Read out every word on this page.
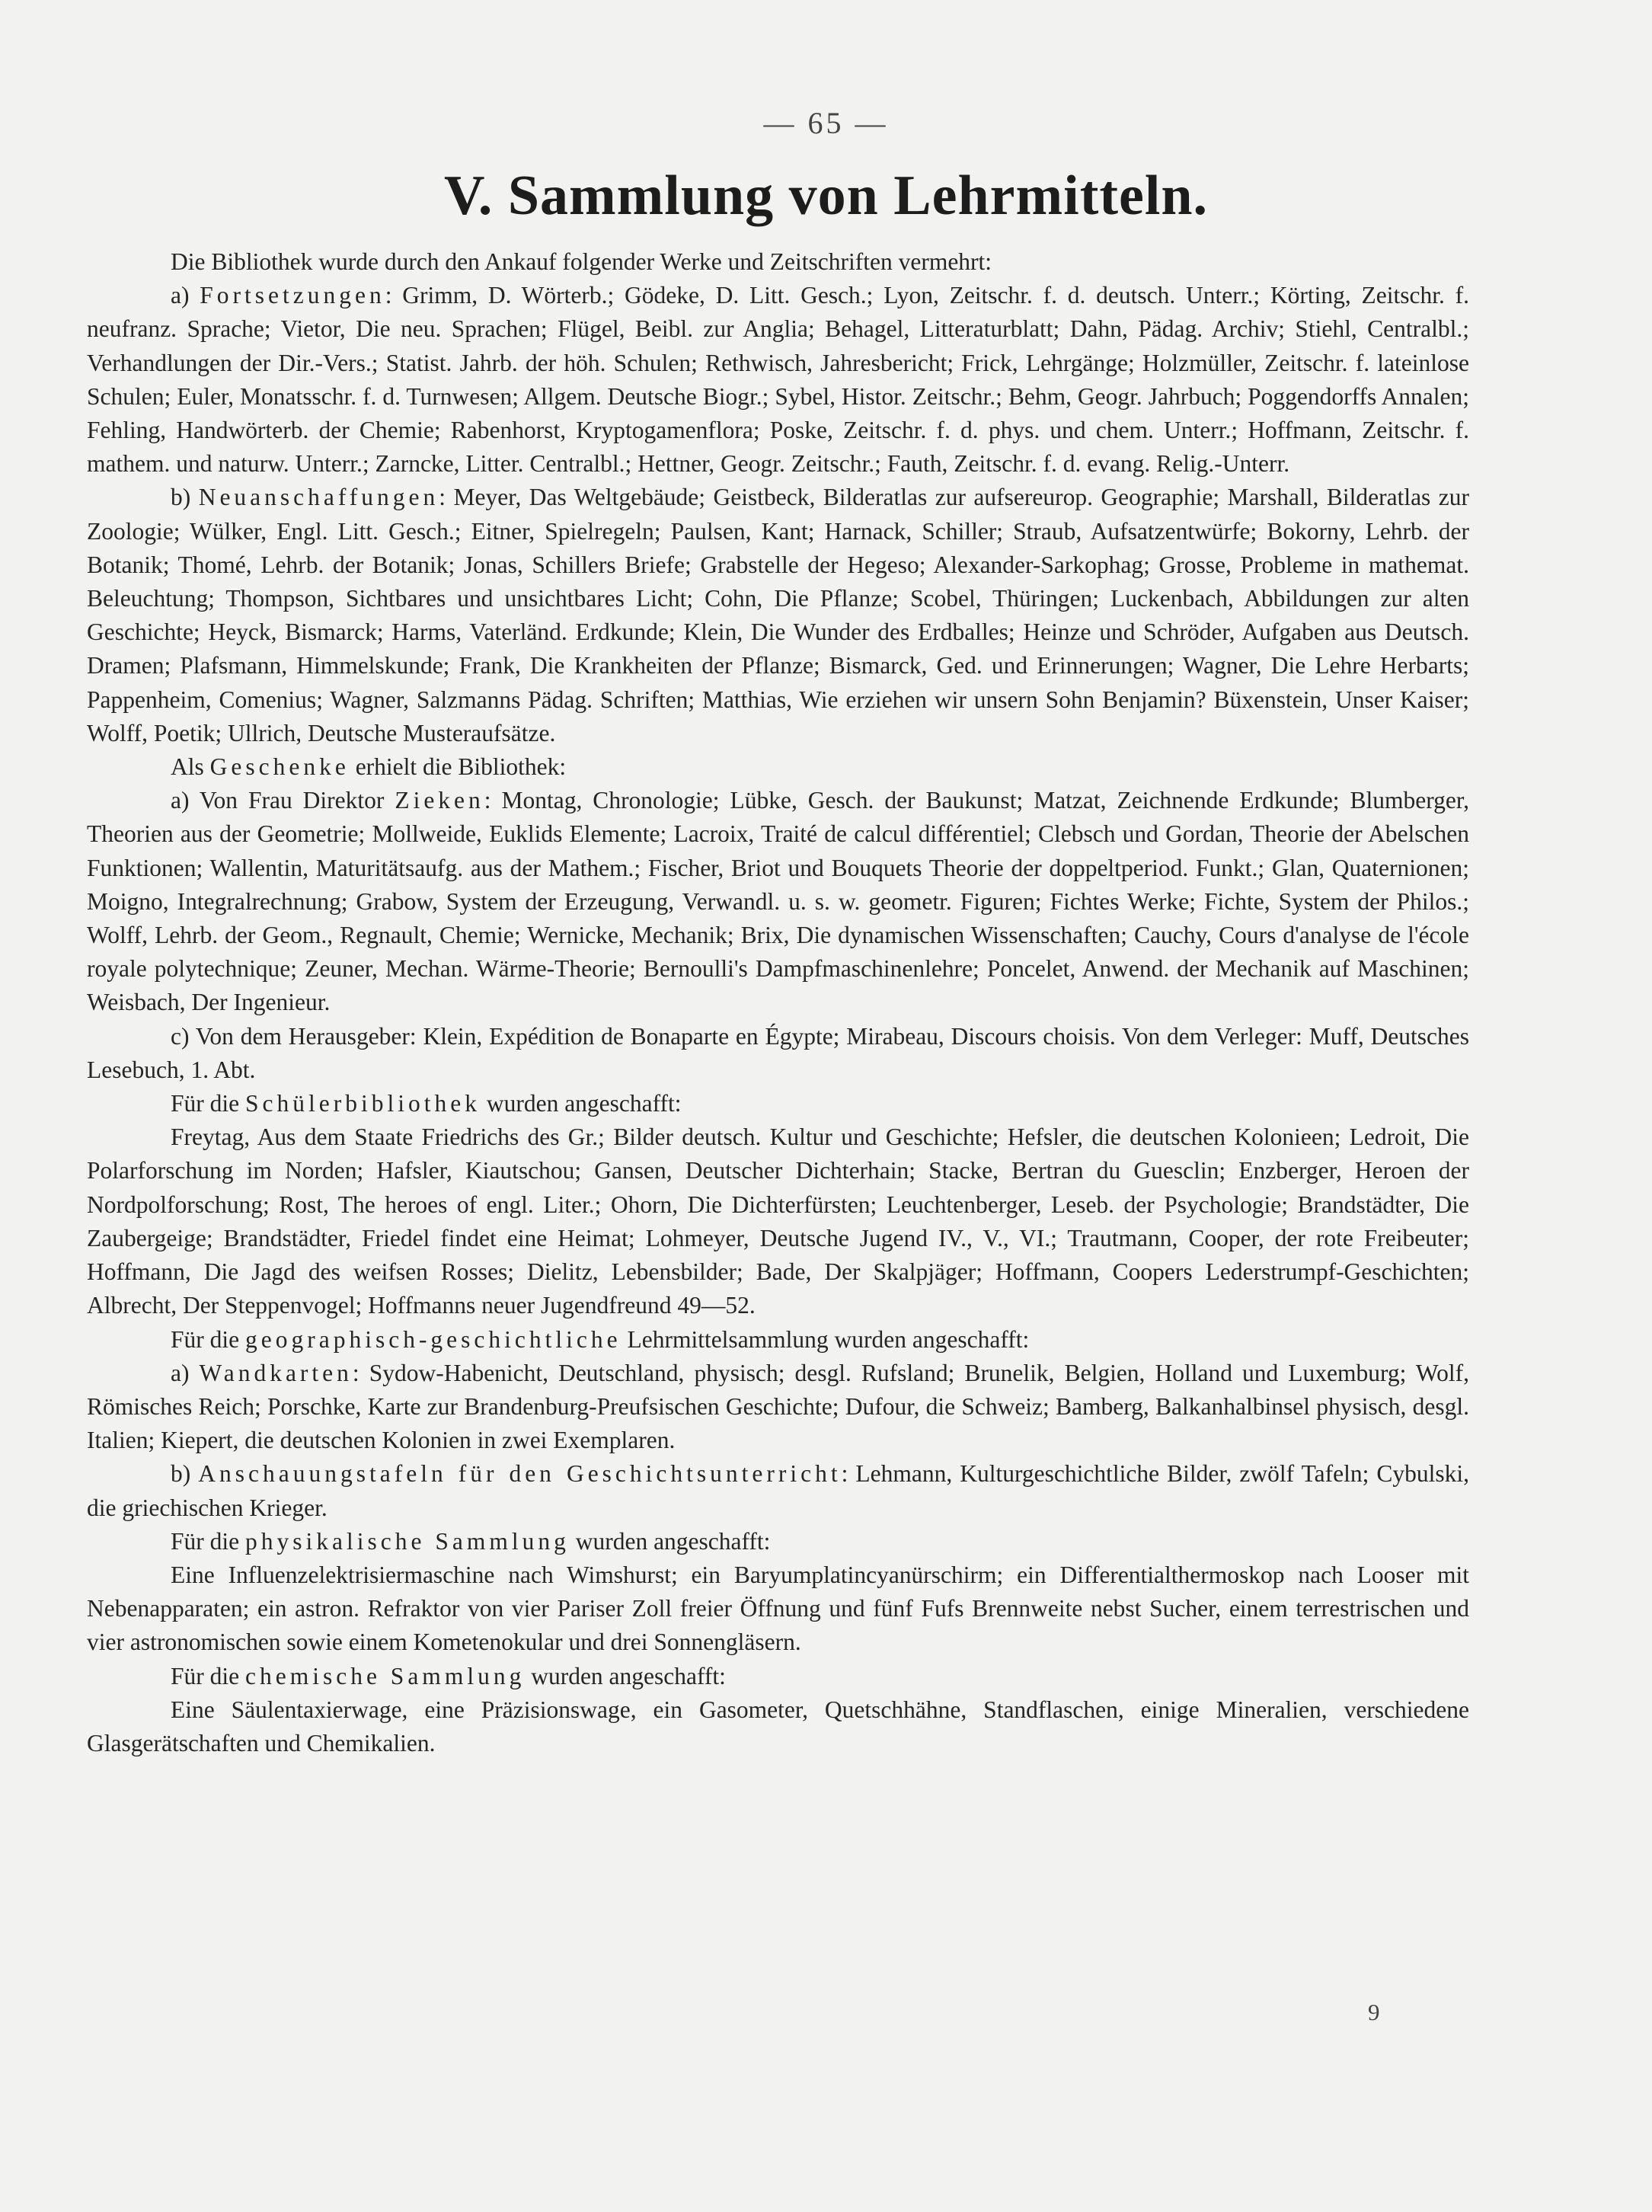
— 65 —
V. Sammlung von Lehrmitteln.

Die Bibliothek wurde durch den Ankauf folgender Werke und Zeitschriften vermehrt:

a) Fortsetzungen: Grimm, D. Wörterb.; Gödeke, D. Litt. Gesch.; Lyon, Zeitschr. f. d. deutsch. Unterr.; Körting, Zeitschr. f. neufranz. Sprache; Vietor, Die neu. Sprachen; Flügel, Beibl. zur Anglia; Behagel, Litteraturblatt; Dahn, Pädag. Archiv; Stiehl, Centralbl.; Verhandlungen der Dir.-Vers.; Statist. Jahrb. der höh. Schulen; Rethwisch, Jahresbericht; Frick, Lehrgänge; Holzmüller, Zeitschr. f. lateinlose Schulen; Euler, Monatsschr. f. d. Turnwesen; Allgem. Deutsche Biogr.; Sybel, Histor. Zeitschr.; Behm, Geogr. Jahrbuch; Poggendorffs Annalen; Fehling, Handwörterb. der Chemie; Rabenhorst, Kryptogamenflora; Poske, Zeitschr. f. d. phys. und chem. Unterr.; Hoffmann, Zeitschr. f. mathem. und naturw. Unterr.; Zarncke, Litter. Centralbl.; Hettner, Geogr. Zeitschr.; Fauth, Zeitschr. f. d. evang. Relig.-Unterr.

b) Neuanschaffungen: Meyer, Das Weltgebäude; Geistbeck, Bilderatlas zur aufsereurop. Geographie; Marshall, Bilderatlas zur Zoologie; Wülker, Engl. Litt. Gesch.; Eitner, Spielregeln; Paulsen, Kant; Harnack, Schiller; Straub, Aufsatzentwürfe; Bokorny, Lehrb. der Botanik; Thomé, Lehrb. der Botanik; Jonas, Schillers Briefe; Grabstelle der Hegeso; Alexander-Sarkophag; Grosse, Probleme in mathemat. Beleuchtung; Thompson, Sichtbares und unsichtbares Licht; Cohn, Die Pflanze; Scobel, Thüringen; Luckenbach, Abbildungen zur alten Geschichte; Heyck, Bismarck; Harms, Vaterländ. Erdkunde; Klein, Die Wunder des Erdballes; Heinze und Schröder, Aufgaben aus Deutsch. Dramen; Plafsmann, Himmelskunde; Frank, Die Krankheiten der Pflanze; Bismarck, Ged. und Erinnerungen; Wagner, Die Lehre Herbarts; Pappenheim, Comenius; Wagner, Salzmanns Pädag. Schriften; Matthias, Wie erziehen wir unsern Sohn Benjamin? Büxenstein, Unser Kaiser; Wolff, Poetik; Ullrich, Deutsche Musteraufsätze.

Als Geschenke erhielt die Bibliothek:

a) Von Frau Direktor Zieken: Montag, Chronologie; Lübke, Gesch. der Baukunst; Matzat, Zeichnende Erdkunde; Blumberger, Theorien aus der Geometrie; Mollweide, Euklids Elemente; Lacroix, Traité de calcul différentiel; Clebsch und Gordan, Theorie der Abelschen Funktionen; Wallentin, Maturitätsaufg. aus der Mathem.; Fischer, Briot und Bouquets Theorie der doppeltperiod. Funkt.; Glan, Quaternionen; Moigno, Integralrechnung; Grabow, System der Erzeugung, Verwandl. u. s. w. geometr. Figuren; Fichtes Werke; Fichte, System der Philos.; Wolff, Lehrb. der Geom., Regnault, Chemie; Wernicke, Mechanik; Brix, Die dynamischen Wissenschaften; Cauchy, Cours d'analyse de l'école royale polytechnique; Zeuner, Mechan. Wärme-Theorie; Bernoulli's Dampfmaschinenlehre; Poncelet, Anwend. der Mechanik auf Maschinen; Weisbach, Der Ingenieur.

c) Von dem Herausgeber: Klein, Expédition de Bonaparte en Égypte; Mirabeau, Discours choisis. Von dem Verleger: Muff, Deutsches Lesebuch, 1. Abt.

Für die Schülerbibliothek wurden angeschafft:

Freytag, Aus dem Staate Friedrichs des Gr.; Bilder deutsch. Kultur und Geschichte; Hefsler, die deutschen Kolonieen; Ledroit, Die Polarforschung im Norden; Hafsler, Kiautschou; Gansen, Deutscher Dichterhain; Stacke, Bertran du Guesclin; Enzberger, Heroen der Nordpolforschung; Rost, The heroes of engl. Liter.; Ohorn, Die Dichterfürsten; Leuchtenberger, Leseb. der Psychologie; Brandstädter, Die Zaubergeige; Brandstädter, Friedel findet eine Heimat; Lohmeyer, Deutsche Jugend IV., V., VI.; Trautmann, Cooper, der rote Freibeuter; Hoffmann, Die Jagd des weifsen Rosses; Dielitz, Lebensbilder; Bade, Der Skalpjäger; Hoffmann, Coopers Lederstrumpf-Geschichten; Albrecht, Der Steppenvogel; Hoffmanns neuer Jugendfreund 49—52.

Für die geographisch-geschichtliche Lehrmittelsammlung wurden angeschafft:

a) Wandkarten: Sydow-Habenicht, Deutschland, physisch; desgl. Rufsland; Brunelik, Belgien, Holland und Luxemburg; Wolf, Römisches Reich; Porschke, Karte zur Brandenburg-Preufsischen Geschichte; Dufour, die Schweiz; Bamberg, Balkanhalbinsel physisch, desgl. Italien; Kiepert, die deutschen Kolonien in zwei Exemplaren.

b) Anschauungstafeln für den Geschichtsunterricht: Lehmann, Kulturgeschichtliche Bilder, zwölf Tafeln; Cybulski, die griechischen Krieger.

Für die physikalische Sammlung wurden angeschafft:

Eine Influenzelektrisiermaschine nach Wimshurst; ein Baryumplatincyanürschirm; ein Differentialthermoskop nach Looser mit Nebenapparaten; ein astron. Refraktor von vier Pariser Zoll freier Öffnung und fünf Fufs Brennweite nebst Sucher, einem terrestrischen und vier astronomischen sowie einem Kometenokular und drei Sonnengläsern.

Für die chemische Sammlung wurden angeschafft:

Eine Säulentaxierwage, eine Präzisionswage, ein Gasometer, Quetschhähne, Standflaschen, einige Mineralien, verschiedene Glasgerätschaften und Chemikalien.

9
